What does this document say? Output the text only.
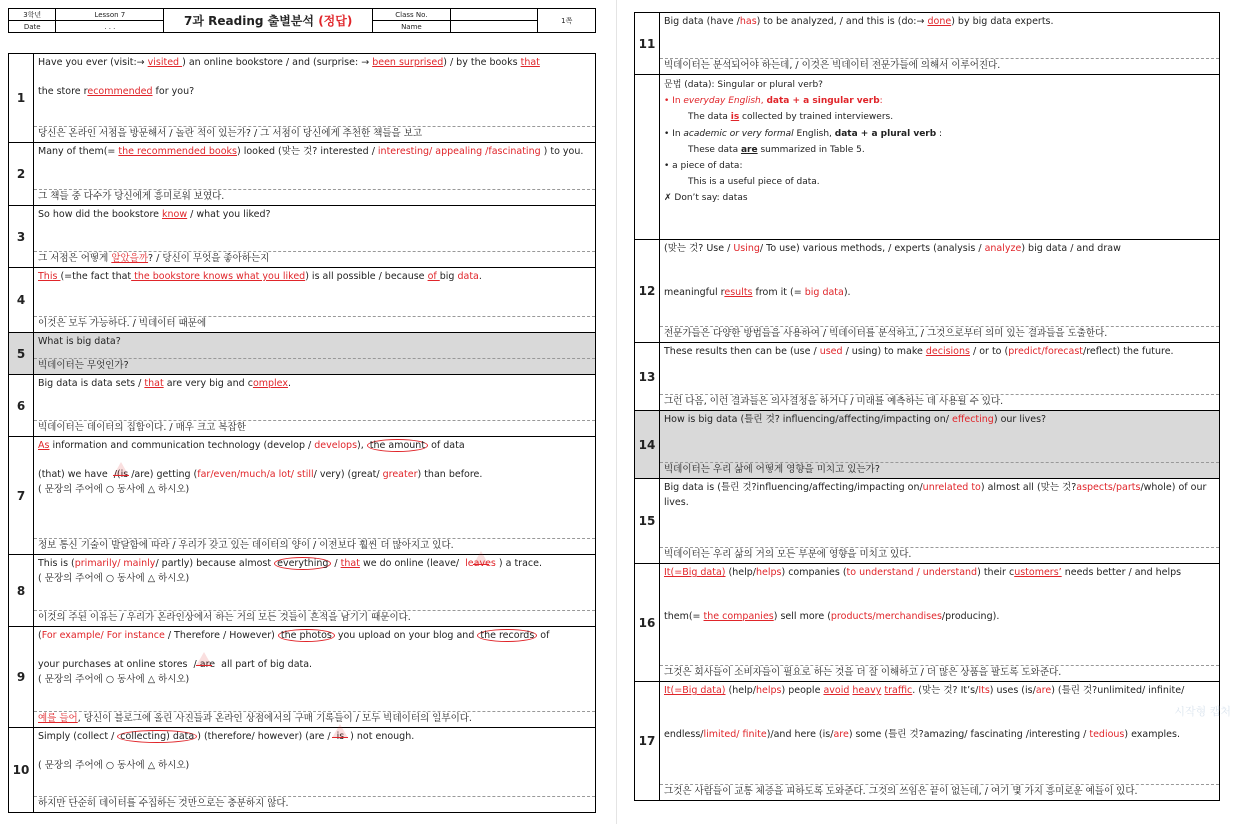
3학년	Lesson 7	7과 Reading 출별분석 (정답)	Class No.		1쪽
Date	. . .		Name		
1
Have you ever (visit:→ visited ) an online bookstore / and (surprise: → been surprised) / by the books that

the store recommended for you?
당신은 온라인 서점을 방문해서 / 놀란 적이 있는가? / 그 서점이 당신에게 추천한 책들을 보고
2
Many of them(= the recommended books) looked (맞는 것? interested / interesting/ appealing /fascinating ) to you.
그 책들 중 다수가 당신에게 흥미로워 보였다.
3
So how did the bookstore know / what you liked?
그 서점은 어떻게 알았을까? / 당신이 무엇을 좋아하는지
4
This (=the fact that the bookstore knows what you liked) is all possible / because of big data.
이것은 모두 가능하다. / 빅데이터 때문에
5
What is big data?
빅데이터는 무엇인가?
6
Big data is data sets / that are very big and complex.
빅데이터는 데이터의 집합이다. / 매우 크고 복잡한
7
As information and communication technology (develop / develops), the amount of data

(that) we have /(is /are) getting (far/even/much/a lot/ still/ very) (great/ greater) than before.
( 문장의 주어에 ○ 동사에 △ 하시오)
정보 통신 기술이 발달함에 따라 / 우리가 갖고 있는 데이터의 양이 / 이전보다 훨씬 더 많아지고 있다.
8
This is (primarily/ mainly/ partly) because almost everything / that we do online (leave/ leaves ) a trace.
( 문장의 주어에 ○ 동사에 △ 하시오)
이것의 주된 이유는 / 우리가 온라인상에서 하는 거의 모든 것들이 흔적을 남기기 때문이다.
9
(For example/ For instance / Therefore / However) the photos you upload on your blog and the records of

your purchases at online stores / are all part of big data.
( 문장의 주어에 ○ 동사에 △ 하시오)
예를 들어, 당신이 블로그에 올린 사진들과 온라인 상점에서의 구매 기록들이 / 모두 빅데이터의 일부이다.
10
Simply (collect / collecting) data ) (therefore/ however) (are / is ) not enough.

( 문장의 주어에 ○ 동사에 △ 하시오)
하지만 단순히 데이터를 수집하는 것만으로는 충분하지 않다.
11
Big data (have /has) to be analyzed, / and this is (do:→ done) by big data experts.
빅데이터는 분석되어야 하는데, / 이것은 빅데이터 전문가들에 의해서 이루어진다.
문법 (data): Singular or plural verb?
• In everyday English, data + a singular verb:
The data is collected by trained interviewers.
• In academic or very formal English, data + a plural verb :
These data are summarized in Table 5.
• a piece of data:
This is a useful piece of data.
✗ Don’t say: datas
12
(맞는 것? Use / Using/ To use) various methods, / experts (analysis / analyze) big data / and draw

meaningful results from it (= big data).
전문가들은 다양한 방법들을 사용하여 / 빅데이터를 분석하고, / 그것으로부터 의미 있는 결과들을 도출한다.
13
These results then can be (use / used / using) to make decisions / or to (predict/forecast/reflect) the future.
그런 다음, 이런 결과들은 의사결정을 하거나 / 미래를 예측하는 데 사용될 수 있다.
14
How is big data (틀린 것? influencing/affecting/impacting on/ effecting) our lives?
빅데이터는 우리 삶에 어떻게 영향을 미치고 있는가?
15
Big data is (틀린 것?influencing/affecting/impacting on/unrelated to) almost all (맞는 것?aspects/parts/whole) of our lives.
빅데이터는 우리 삶의 거의 모든 부분에 영향을 미치고 있다.
16
It(=Big data) (help/helps) companies (to understand / understand) their customers’ needs better / and helps

them(= the companies) sell more (products/merchandises/producing).
그것은 회사들이 소비자들이 필요로 하는 것을 더 잘 이해하고 / 더 많은 상품을 팔도록 도와준다.
17
It(=Big data) (help/helps) people avoid heavy traffic. (맞는 것? It’s/Its) uses (is/are) (틀린 것?unlimited/ infinite/

endless/limited/ finite)/and here (is/are) some (틀린 것?amazing/ fascinating /interesting / tedious) examples.
그것은 사람들이 교통 체증을 피하도록 도와준다. 그것의 쓰임은 끝이 없는데, / 여기 몇 가지 흥미로운 예들이 있다.
시작형 캡처
